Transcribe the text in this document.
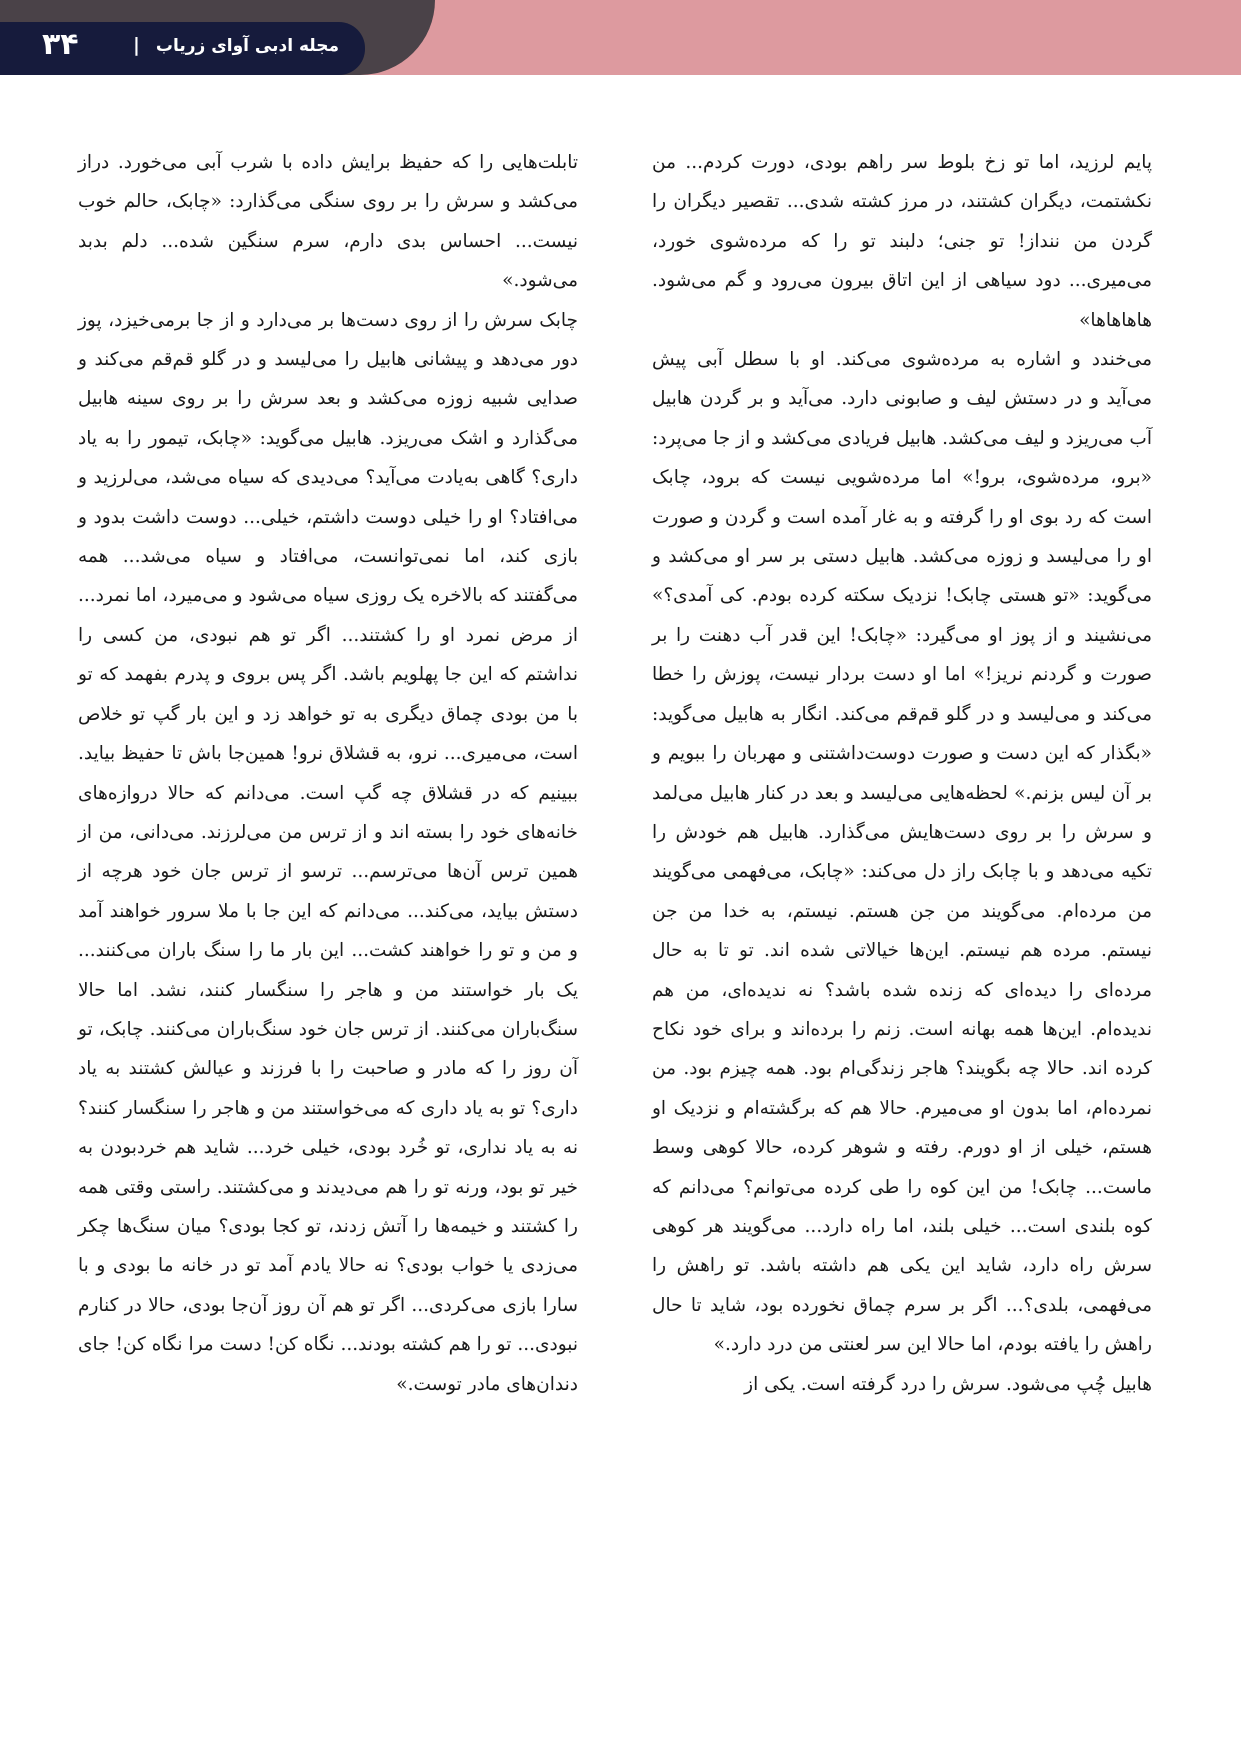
مجله ادبی آوای زریاب
|
۳۴

پایم لرزید، اما تو زخ بلوط سر راهم بودی، دورت کردم... من نکشتمت، دیگران کشتند، در مرز کشته شدی... تقصیر دیگران را گردن من ننداز! تو جنی؛ دلبند تو را که مرده‌شوی خورد، می‌میری... دود سیاهی از این اتاق بیرون می‌رود و گم می‌شود. هاهاهاها»

می‌خندد و اشاره به مرده‌شوی می‌کند. او با سطل آبی پیش می‌آید و در دستش لیف و صابونی دارد. می‌آید و بر گردن هابیل آب می‌ریزد و لیف می‌کشد. هابیل فریادی می‌کشد و از جا می‌پرد: «برو، مرده‌شوی، برو!» اما مرده‌شویی نیست که برود، چابک است که رد بوی او را گرفته و به غار آمده است و گردن و صورت او را می‌لیسد و زوزه می‌کشد. هابیل دستی بر سر او می‌کشد و می‌گوید: «تو هستی چابک! نزدیک سکته کرده بودم. کی آمدی؟» می‌نشیند و از پوز او می‌گیرد: «چابک! این قدر آب دهنت را بر صورت و گردنم نریز!» اما او دست بردار نیست، پوزش را خطا می‌کند و می‌لیسد و در گلو قم‌قم می‌کند. انگار به هابیل می‌گوید: «بگذار که این دست و صورت دوست‌داشتنی و مهربان را ببویم و بر آن لیس بزنم.» لحظه‌هایی می‌لیسد و بعد در کنار هابیل می‌لمد و سرش را بر روی دست‌هایش می‌گذارد. هابیل هم خودش را تکیه می‌دهد و با چابک راز دل می‌کند: «چابک، می‌فهمی می‌گویند من مرده‌ام. می‌گویند من جن هستم. نیستم، به خدا من جن نیستم. مرده هم نیستم. این‌ها خیالاتی شده اند. تو تا به حال مرده‌ای را دیده‌ای که زنده شده باشد؟ نه ندیده‌ای، من هم ندیده‌ام. این‌ها همه بهانه است. زنم را برده‌اند و برای خود نکاح کرده اند. حالا چه بگویند؟ هاجر زندگی‌ام بود. همه چیزم بود. من نمرده‌ام، اما بدون او می‌میرم. حالا هم که برگشته‌ام و نزدیک او هستم، خیلی از او دورم. رفته و شوهر کرده، حالا کوهی وسط ماست... چابک! من این کوه را طی کرده می‌توانم؟ می‌دانم که کوه بلندی است... خیلی بلند، اما راه دارد... می‌گویند هر کوهی سرش راه دارد، شاید این یکی هم داشته باشد. تو راهش را می‌فهمی، بلدی؟... اگر بر سرم چماق نخورده بود، شاید تا حال راهش را یافته بودم، اما حالا این سر لعنتی من درد دارد.»

هابیل چُپ می‌شود. سرش را درد گرفته است. یکی از

تابلت‌هایی را که حفیظ برایش داده با شرب آبی می‌خورد. دراز می‌کشد و سرش را بر روی سنگی می‌گذارد: «چابک، حالم خوب نیست... احساس بدی دارم، سرم سنگین شده... دلم بدبد می‌شود.»

چابک سرش را از روی دست‌ها بر می‌دارد و از جا برمی‌خیزد، پوز دور می‌دهد و پیشانی هابیل را می‌لیسد و در گلو قم‌قم می‌کند و صدایی شبیه زوزه می‌کشد و بعد سرش را بر روی سینه هابیل می‌گذارد و اشک می‌ریزد. هابیل می‌گوید: «چابک، تیمور را به یاد داری؟ گاهی به‌یادت می‌آید؟ می‌دیدی که سیاه می‌شد، می‌لرزید و می‌افتاد؟ او را خیلی دوست داشتم، خیلی... دوست داشت بدود و بازی کند، اما نمی‌توانست، می‌افتاد و سیاه می‌شد... همه می‌گفتند که بالاخره یک روزی سیاه می‌شود و می‌میرد، اما نمرد... از مرض نمرد او را کشتند... اگر تو هم نبودی، من کسی را نداشتم که این جا پهلویم باشد. اگر پس بروی و پدرم بفهمد که تو با من بودی چماق دیگری به تو خواهد زد و این بار گپ تو خلاص است، می‌میری... نرو، به قشلاق نرو! همین‌جا باش تا حفیظ بیاید. ببینیم که در قشلاق چه گپ است. می‌دانم که حالا دروازه‌های خانه‌های خود را بسته اند و از ترس من می‌لرزند. می‌دانی، من از همین ترس آن‌ها می‌ترسم... ترسو از ترس جان خود هرچه از دستش بیاید، می‌کند... می‌دانم که این جا با ملا سرور خواهند آمد و من و تو را خواهند کشت... این بار ما را سنگ باران می‌کنند... یک بار خواستند من و هاجر را سنگسار کنند، نشد. اما حالا سنگ‌باران می‌کنند. از ترس جان خود سنگ‌باران می‌کنند. چابک، تو آن روز را که مادر و صاحبت را با فرزند و عیالش کشتند به یاد داری؟ تو به یاد داری که می‌خواستند من و هاجر را سنگسار کنند؟ نه به یاد نداری، تو خُرد بودی، خیلی خرد... شاید هم خردبودن به خیر تو بود، ورنه تو را هم می‌دیدند و می‌کشتند. راستی وقتی همه را کشتند و خیمه‌ها را آتش زدند، تو کجا بودی؟ میان سنگ‌ها چکر می‌زدی یا خواب بودی؟ نه حالا یادم آمد تو در خانه ما بودی و با سارا بازی می‌کردی... اگر تو هم آن روز آن‌جا بودی، حالا در کنارم نبودی... تو را هم کشته بودند... نگاه کن! دست مرا نگاه کن! جای دندان‌های مادر توست.»
